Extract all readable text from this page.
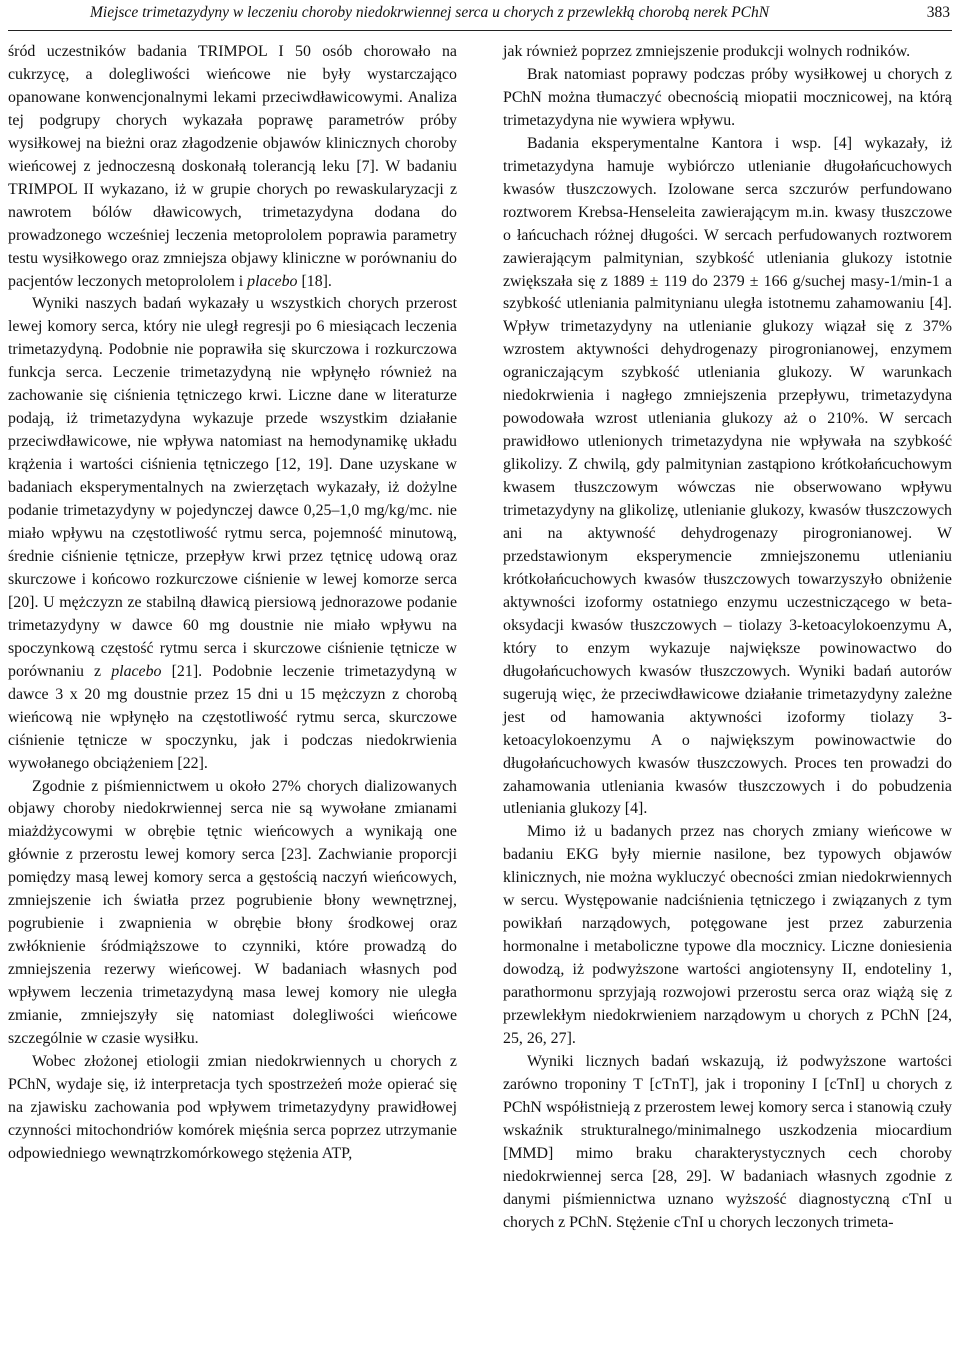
Miejsce trimetazydyny w leczeniu choroby niedokrwiennej serca u chorych z przewlekłą chorobą nerek PChN	383

śród uczestników badania TRIMPOL I 50 osób chorowało na cukrzycę, a dolegliwości wieńcowe nie były wystarczająco opanowane konwencjonalnymi lekami przeciwdławicowymi. Analiza tej podgrupy chorych wykazała poprawę parametrów próby wysiłkowej na bieżni oraz złagodzenie objawów klinicznych choroby wieńcowej z jednoczesną doskonałą tolerancją leku [7]. W badaniu TRIMPOL II wykazano, iż w grupie chorych po rewaskularyzacji z nawrotem bólów dławicowych, trimetazydyna dodana do prowadzonego wcześniej leczenia metoprololem poprawia parametry testu wysiłkowego oraz zmniejsza objawy kliniczne w porównaniu do pacjentów leczonych metoprololem i placebo [18].

Wyniki naszych badań wykazały u wszystkich chorych przerost lewej komory serca, który nie uległ regresji po 6 miesiącach leczenia trimetazydyną. Podobnie nie poprawiła się skurczowa i rozkurczowa funkcja serca. Leczenie trimetazydyną nie wpłynęło również na zachowanie się ciśnienia tętniczego krwi. Liczne dane w literaturze podają, iż trimetazydyna wykazuje przede wszystkim działanie przeciwdławicowe, nie wpływa natomiast na hemodynamikę układu krążenia i wartości ciśnienia tętniczego [12, 19]. Dane uzyskane w badaniach eksperymentalnych na zwierzętach wykazały, iż dożylne podanie trimetazydyny w pojedynczej dawce 0,25–1,0 mg/kg/mc. nie miało wpływu na częstotliwość rytmu serca, pojemność minutową, średnie ciśnienie tętnicze, przepływ krwi przez tętnicę udową oraz skurczowe i końcowo rozkurczowe ciśnienie w lewej komorze serca [20]. U mężczyzn ze stabilną dławicą piersiową jednorazowe podanie trimetazydyny w dawce 60 mg doustnie nie miało wpływu na spoczynkową częstość rytmu serca i skurczowe ciśnienie tętnicze w porównaniu z placebo [21]. Podobnie leczenie trimetazydyną w dawce 3 x 20 mg doustnie przez 15 dni u 15 mężczyzn z chorobą wieńcową nie wpłynęło na częstotliwość rytmu serca, skurczowe ciśnienie tętnicze w spoczynku, jak i podczas niedokrwienia wywołanego obciążeniem [22].

Zgodnie z piśmiennictwem u około 27% chorych dializowanych objawy choroby niedokrwiennej serca nie są wywołane zmianami miażdżycowymi w obrębie tętnic wieńcowych a wynikają one głównie z przerostu lewej komory serca [23]. Zachwianie proporcji pomiędzy masą lewej komory serca a gęstością naczyń wieńcowych, zmniejszenie ich światła przez pogrubienie błony wewnętrznej, pogrubienie i zwapnienia w obrębie błony środkowej oraz zwłóknienie śródmiąższowe to czynniki, które prowadzą do zmniejszenia rezerwy wieńcowej. W badaniach własnych pod wpływem leczenia trimetazydyną masa lewej komory nie uległa zmianie, zmniejszyły się natomiast dolegliwości wieńcowe szczególnie w czasie wysiłku.

Wobec złożonej etiologii zmian niedokrwiennych u chorych z PChN, wydaje się, iż interpretacja tych spostrzeżeń może opierać się na zjawisku zachowania pod wpływem trimetazydyny prawidłowej czynności mitochondriów komórek mięśnia serca poprzez utrzymanie odpowiedniego wewnątrzkomórkowego stężenia ATP,

jak również poprzez zmniejszenie produkcji wolnych rodników.

Brak natomiast poprawy podczas próby wysiłkowej u chorych z PChN można tłumaczyć obecnością miopatii mocznicowej, na którą trimetazydyna nie wywiera wpływu.

Badania eksperymentalne Kantora i wsp. [4] wykazały, iż trimetazydyna hamuje wybiórczo utlenianie długołańcuchowych kwasów tłuszczowych. Izolowane serca szczurów perfundowano roztworem Krebsa-Henseleita zawierającym m.in. kwasy tłuszczowe o łańcuchach różnej długości. W sercach perfudowanych roztworem zawierającym palmitynian, szybkość utleniania glukozy istotnie zwiększała się z 1889 ± 119 do 2379 ± 166 g/suchej masy-1/min-1 a szybkość utleniania palmitynianu uległa istotnemu zahamowaniu [4]. Wpływ trimetazydyny na utlenianie glukozy wiązał się z 37% wzrostem aktywności dehydrogenazy pirogronianowej, enzymem ograniczającym szybkość utleniania glukozy. W warunkach niedokrwienia i nagłego zmniejszenia przepływu, trimetazydyna powodowała wzrost utleniania glukozy aż o 210%. W sercach prawidłowo utlenionych trimetazydyna nie wpływała na szybkość glikolizy. Z chwilą, gdy palmitynian zastąpiono krótkołańcuchowym kwasem tłuszczowym wówczas nie obserwowano wpływu trimetazydyny na glikolizę, utlenianie glukozy, kwasów tłuszczowych ani na aktywność dehydrogenazy pirogronianowej. W przedstawionym eksperymencie zmniejszonemu utlenianiu krótkołańcuchowych kwasów tłuszczowych towarzyszyło obniżenie aktywności izoformy ostatniego enzymu uczestniczącego w beta-oksydacji kwasów tłuszczowych – tiolazy 3-ketoacylokoenzymu A, który to enzym wykazuje największe powinowactwo do długołańcuchowych kwasów tłuszczowych. Wyniki badań autorów sugerują więc, że przeciwdławicowe działanie trimetazydyny zależne jest od hamowania aktywności izoformy tiolazy 3-ketoacylokoenzymu A o największym powinowactwie do długołańcuchowych kwasów tłuszczowych. Proces ten prowadzi do zahamowania utleniania kwasów tłuszczowych i do pobudzenia utleniania glukozy [4].

Mimo iż u badanych przez nas chorych zmiany wieńcowe w badaniu EKG były miernie nasilone, bez typowych objawów klinicznych, nie można wykluczyć obecności zmian niedokrwiennych w sercu. Występowanie nadciśnienia tętniczego i związanych z tym powikłań narządowych, potęgowane jest przez zaburzenia hormonalne i metaboliczne typowe dla mocznicy. Liczne doniesienia dowodzą, iż podwyższone wartości angiotensyny II, endoteliny 1, parathormonu sprzyjają rozwojowi przerostu serca oraz wiążą się z przewlekłym niedokrwieniem narządowym u chorych z PChN [24, 25, 26, 27].

Wyniki licznych badań wskazują, iż podwyższone wartości zarówno troponiny T [cTnT], jak i troponiny I [cTnI] u chorych z PChN współistnieją z przerostem lewej komory serca i stanowią czuły wskaźnik strukturalnego/minimalnego uszkodzenia miocardium [MMD] mimo braku charakterystycznych cech choroby niedokrwiennej serca [28, 29]. W badaniach własnych zgodnie z danymi piśmiennictwa uznano wyższość diagnostyczną cTnI u chorych z PChN. Stężenie cTnI u chorych leczonych trimeta-
